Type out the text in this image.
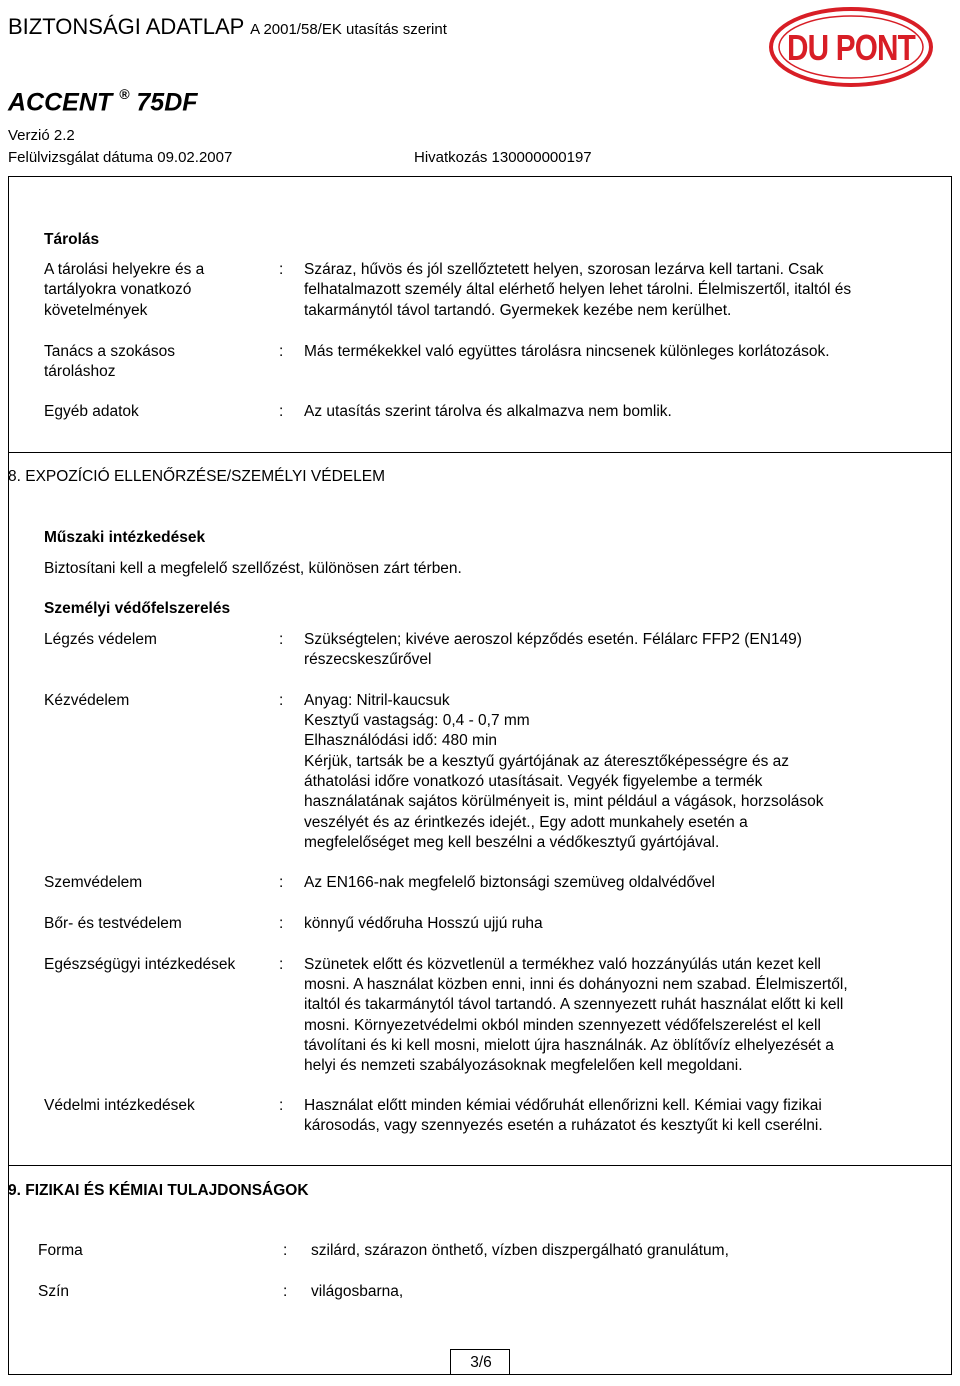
BIZTONSÁGI ADATLAP A 2001/58/EK utasítás szerint
ACCENT ® 75DF
Verzió 2.2
Felülvizsgálat dátuma 09.02.2007	Hivatkozás 130000000197
DU PONT
Tárolás
A tárolási helyekre és a
tartályokra vonatkozó
követelmények
: Száraz, hűvös és jól szellőztetett helyen, szorosan lezárva kell tartani. Csak
felhatalmazott személy által elérhető helyen lehet tárolni. Élelmiszertől, italtól és
takarmánytól távol tartandó. Gyermekek kezébe nem kerülhet.
Tanács a szokásos
tároláshoz
: Más termékekkel való együttes tárolásra nincsenek különleges korlátozások.
Egyéb adatok	: Az utasítás szerint tárolva és alkalmazva nem bomlik.
8. EXPOZÍCIÓ ELLENŐRZÉSE/SZEMÉLYI VÉDELEM
Műszaki intézkedések
Biztosítani kell a megfelelő szellőzést, különösen zárt térben.
Személyi védőfelszerelés
Légzés védelem	: Szükségtelen; kivéve aeroszol képződés esetén. Félálarc FFP2 (EN149)
részecskeszűrővel
Kézvédelem	: Anyag: Nitril-kaucsuk
Kesztyű vastagság: 0,4 - 0,7 mm
Elhasználódási idő: 480 min
Kérjük, tartsák be a kesztyű gyártójának az áteresztőképességre és az
áthatolási időre vonatkozó utasításait. Vegyék figyelembe a termék
használatának sajátos körülményeit is, mint például a vágások, horzsolások
veszélyét és az érintkezés idejét., Egy adott munkahely esetén a
megfelelőséget meg kell beszélni a védőkesztyű gyártójával.
Szemvédelem	: Az EN166-nak megfelelő biztonsági szemüveg oldalvédővel
Bőr- és testvédelem	: könnyű védőruha Hosszú ujjú ruha
Egészségügyi intézkedések	: Szünetek előtt és közvetlenül a termékhez való hozzányúlás után kezet kell
mosni. A használat közben enni, inni és dohányozni nem szabad. Élelmiszertől,
italtól és takarmánytól távol tartandó. A szennyezett ruhát használat előtt ki kell
mosni. Környezetvédelmi okból minden szennyezett védőfelszerelést el kell
távolítani és ki kell mosni, mielott újra használnák. Az öblítővíz elhelyezését a
helyi és nemzeti szabályozásoknak megfelelően kell megoldani.
Védelmi intézkedések	: Használat előtt minden kémiai védőruhát ellenőrizni kell. Kémiai vagy fizikai
károsodás, vagy szennyezés esetén a ruházatot és kesztyűt ki kell cserélni.
9. FIZIKAI ÉS KÉMIAI TULAJDONSÁGOK
Forma	: szilárd, szárazon önthető, vízben diszpergálható granulátum,
Szín	: világosbarna,
3/6
